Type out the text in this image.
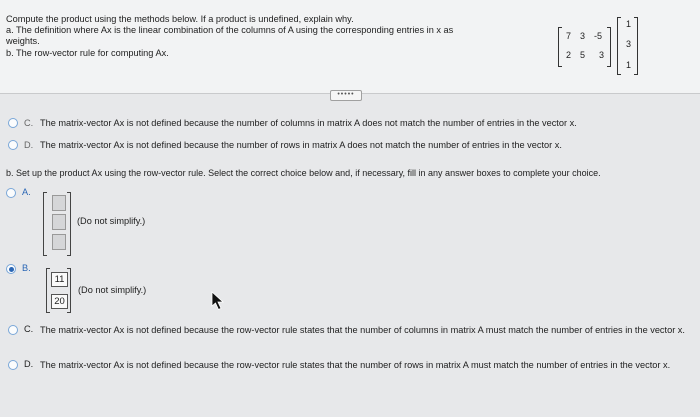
•••••
Compute the product using the methods below. If a product is undefined, explain why.
a. The definition where Ax is the linear combination of the columns of A using the corresponding entries in x as
weights.
b. The row-vector rule for computing Ax.
7 3 -5
2 5 3
1
3
1
C. The matrix-vector Ax is not defined because the number of columns in matrix A does not match the number of entries in the vector x.
D. The matrix-vector Ax is not defined because the number of rows in matrix A does not match the number of entries in the vector x.
b. Set up the product Ax using the row-vector rule. Select the correct choice below and, if necessary, fill in any answer boxes to complete your choice.
A.
(Do not simplify.)
B.
11
20
(Do not simplify.)
C. The matrix-vector Ax is not defined because the row-vector rule states that the number of columns in matrix A must match the number of entries in the vector x.
D. The matrix-vector Ax is not defined because the row-vector rule states that the number of rows in matrix A must match the number of entries in the vector x.
